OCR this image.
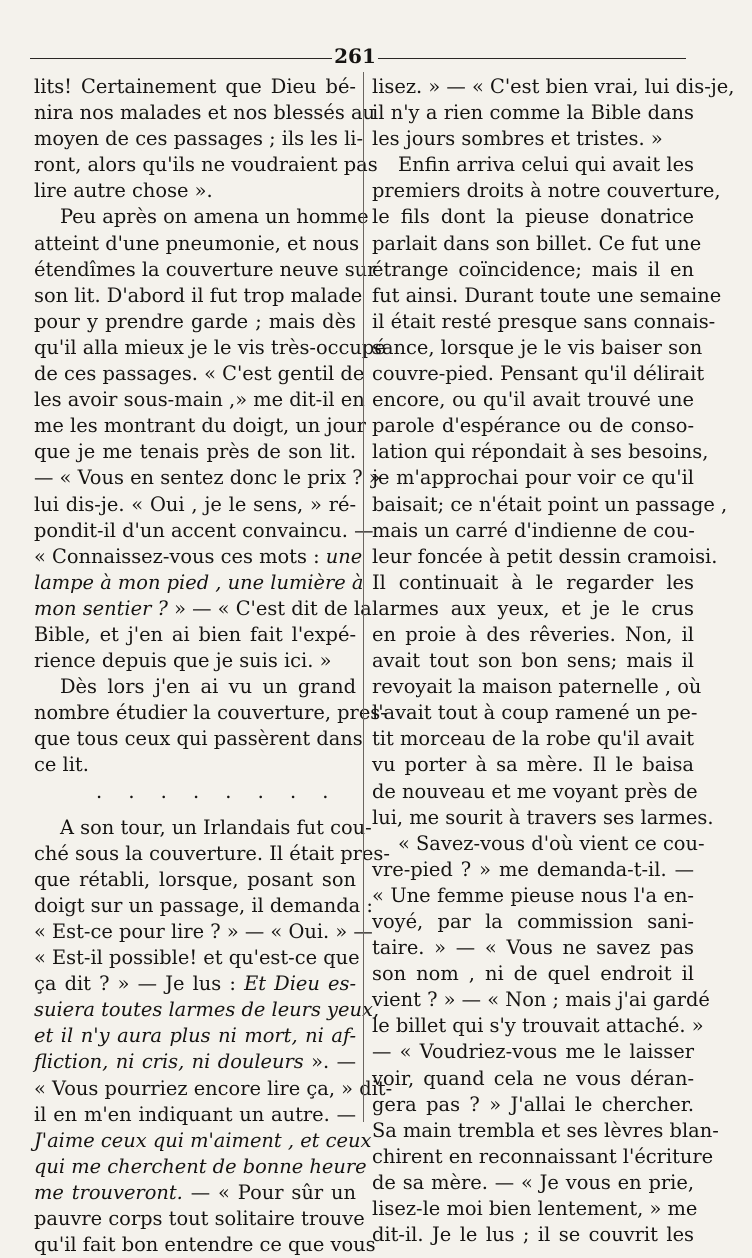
261
lits! Certainement que Dieu bé-
nira nos malades et nos blessés au
moyen de ces passages ; ils les li-
ront, alors qu'ils ne voudraient pas
lire autre chose ».
Peu après on amena un homme
atteint d'une pneumonie, et nous
étendîmes la couverture neuve sur
son lit. D'abord il fut trop malade
pour y prendre garde ; mais dès
qu'il alla mieux je le vis très-occupé
de ces passages. « C'est gentil de
les avoir sous-main ,» me dit-il en
me les montrant du doigt, un jour
que je me tenais près de son lit.
— « Vous en sentez donc le prix ? »
lui dis-je. « Oui , je le sens, » ré-
pondit-il d'un accent convaincu. —
« Connaissez-vous ces mots : une
lampe à mon pied , une lumière à
mon sentier ? » — « C'est dit de la
Bible, et j'en ai bien fait l'expé-
rience depuis que je suis ici. »
Dès lors j'en ai vu un grand
nombre étudier la couverture, pres-
que tous ceux qui passèrent dans
ce lit.
. . . . . . . .
A son tour, un Irlandais fut cou-
ché sous la couverture. Il était pres-
que rétabli, lorsque, posant son
doigt sur un passage, il demanda :
« Est-ce pour lire ? » — « Oui. » —
« Est-il possible! et qu'est-ce que
ça dit ? » — Je lus : Et Dieu es-
suiera toutes larmes de leurs yeux,
et il n'y aura plus ni mort, ni af-
fliction, ni cris, ni douleurs ». —
« Vous pourriez encore lire ça, » dit-
il en m'en indiquant un autre. —
J'aime ceux qui m'aiment , et ceux
qui me cherchent de bonne heure
me trouveront. — « Pour sûr un
pauvre corps tout solitaire trouve
qu'il fait bon entendre ce que vous
lisez. » — « C'est bien vrai, lui dis-je,
il n'y a rien comme la Bible dans
les jours sombres et tristes. »
Enfin arriva celui qui avait les
premiers droits à notre couverture,
le fils dont la pieuse donatrice
parlait dans son billet. Ce fut une
étrange coïncidence; mais il en
fut ainsi. Durant toute une semaine
il était resté presque sans connais-
sance, lorsque je le vis baiser son
couvre-pied. Pensant qu'il délirait
encore, ou qu'il avait trouvé une
parole d'espérance ou de conso-
lation qui répondait à ses besoins,
je m'approchai pour voir ce qu'il
baisait; ce n'était point un passage ,
mais un carré d'indienne de cou-
leur foncée à petit dessin cramoisi.
Il continuait à le regarder les
larmes aux yeux, et je le crus
en proie à des rêveries. Non, il
avait tout son bon sens; mais il
revoyait la maison paternelle , où
l'avait tout à coup ramené un pe-
tit morceau de la robe qu'il avait
vu porter à sa mère. Il le baisa
de nouveau et me voyant près de
lui, me sourit à travers ses larmes.
« Savez-vous d'où vient ce cou-
vre-pied ? » me demanda-t-il. —
« Une femme pieuse nous l'a en-
voyé, par la commission sani-
taire. » — « Vous ne savez pas
son nom , ni de quel endroit il
vient ? » — « Non ; mais j'ai gardé
le billet qui s'y trouvait attaché. »
— « Voudriez-vous me le laisser
voir, quand cela ne vous déran-
gera pas ? » J'allai le chercher.
Sa main trembla et ses lèvres blan-
chirent en reconnaissant l'écriture
de sa mère. — « Je vous en prie,
lisez-le moi bien lentement, » me
dit-il. Je le lus ; il se couvrit les
